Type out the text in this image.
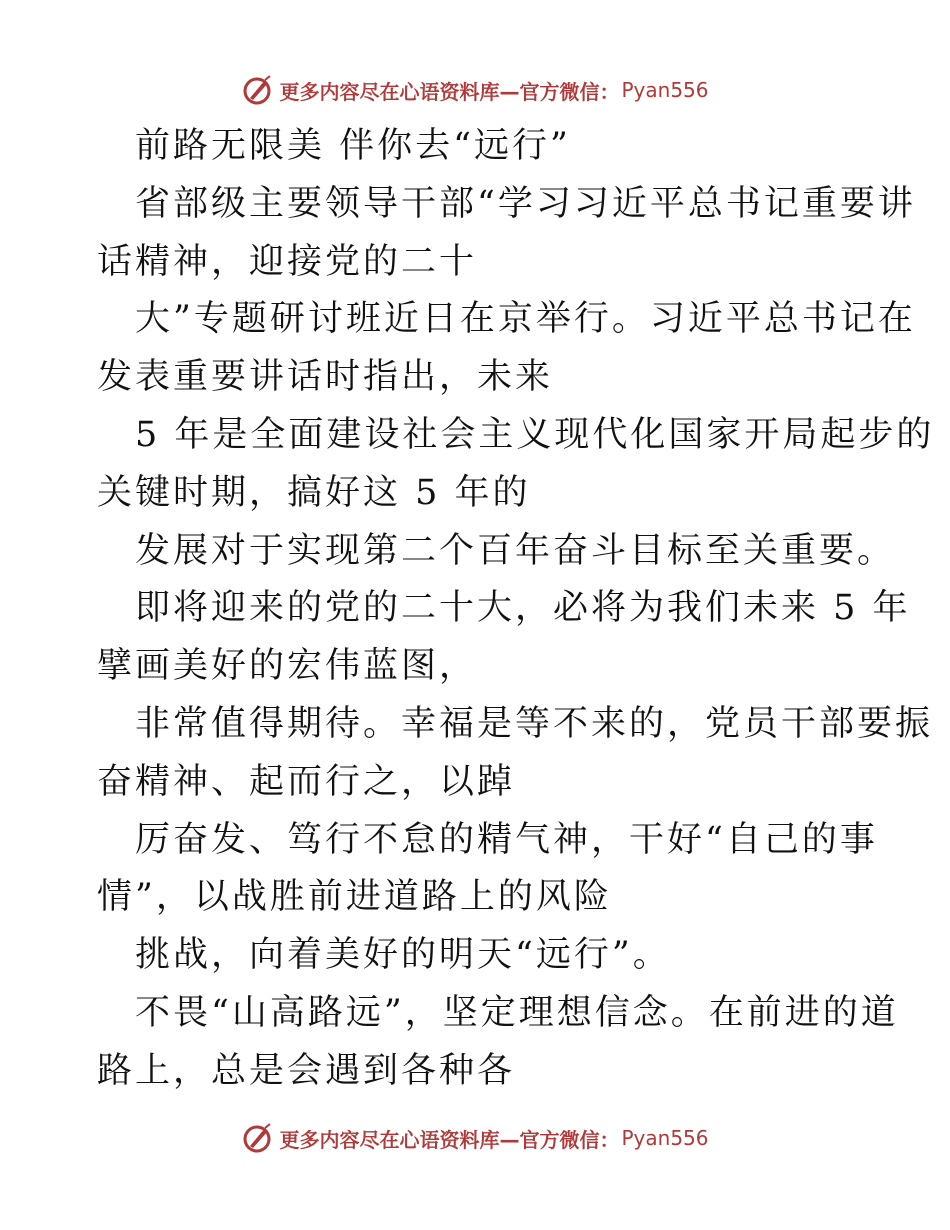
更多内容尽在心语资料库—官方微信： Pyan556
前路无限美 伴你去“远行”
省部级主要领导干部“学习习近平总书记重要讲
话精神，迎接党的二十
大”专题研讨班近日在京举行。习近平总书记在
发表重要讲话时指出，未来
5 年是全面建设社会主义现代化国家开局起步的
关键时期，搞好这 5 年的
发展对于实现第二个百年奋斗目标至关重要。
即将迎来的党的二十大，必将为我们未来 5 年
擘画美好的宏伟蓝图，
非常值得期待。幸福是等不来的，党员干部要振
奋精神、起而行之，以踔
厉奋发、笃行不怠的精气神，干好“自己的事
情”，以战胜前进道路上的风险
挑战，向着美好的明天“远行”。
不畏“山高路远”，坚定理想信念。在前进的道
路上，总是会遇到各种各
更多内容尽在心语资料库—官方微信： Pyan556
